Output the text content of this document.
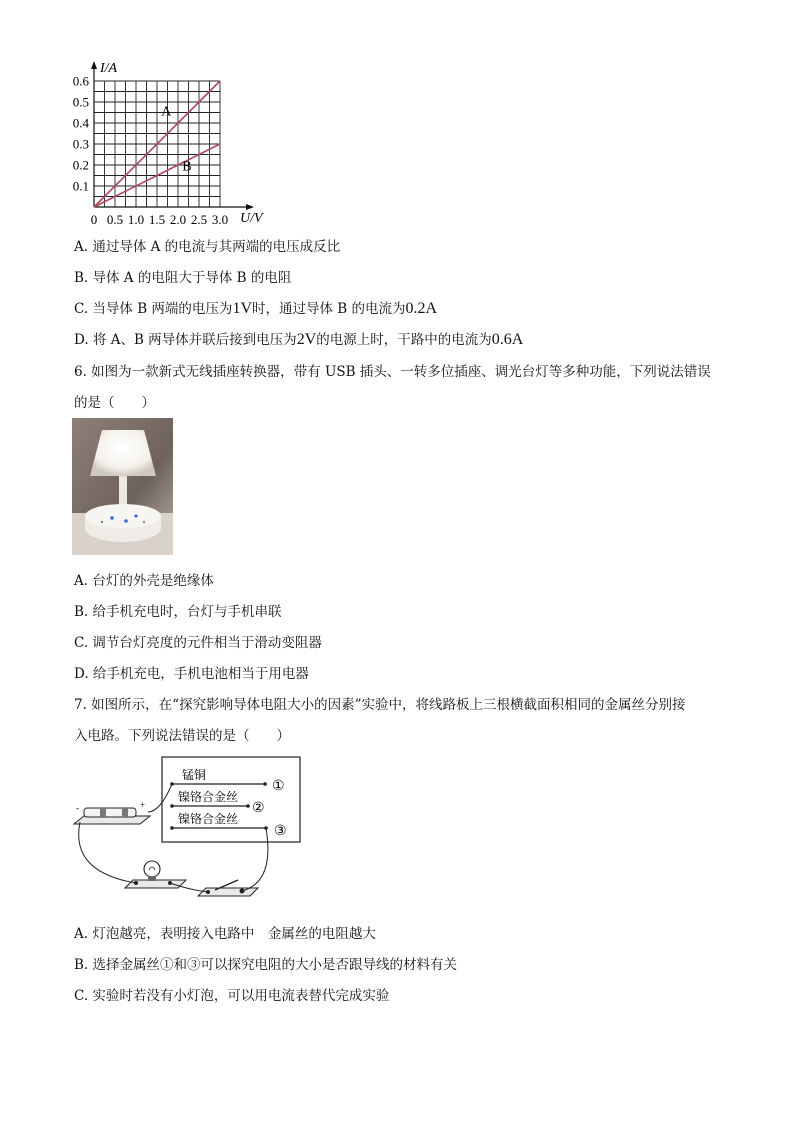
0 0.5 1.0 1.5 2.0 2.5 3.0
0.1
0.2
0.3
0.4
0.5
0.6
A
B
I/A
U/V
A. 通过导体 A 的电流与其两端的电压成反比
B. 导体 A 的电阻大于导体 B 的电阻
C. 当导体 B 两端的电压为1V时，通过导体 B 的电流为0.2A
D. 将 A、B 两导体并联后接到电压为2V的电源上时，干路中的电流为0.6A
6. 如图为一款新式无线插座转换器，带有 USB 插头、一转多位插座、调光台灯等多种功能，下列说法错误
的是（　　）
A. 台灯的外壳是绝缘体
B. 给手机充电时，台灯与手机串联
C. 调节台灯亮度的元件相当于滑动变阻器
D. 给手机充电，手机电池相当于用电器
7. 如图所示，在“探究影响导体电阻大小的因素”实验中，将线路板上三根横截面积相同的金属丝分别接
入电路。下列说法错误的是（　　）
锰铜
①
镍铬合金丝
②
镍铬合金丝
③
-	+
A. 灯泡越亮，表明接入电路中　金属丝的电阻越大
B. 选择金属丝①和③可以探究电阻的大小是否跟导线的材料有关
C. 实验时若没有小灯泡，可以用电流表替代完成实验
